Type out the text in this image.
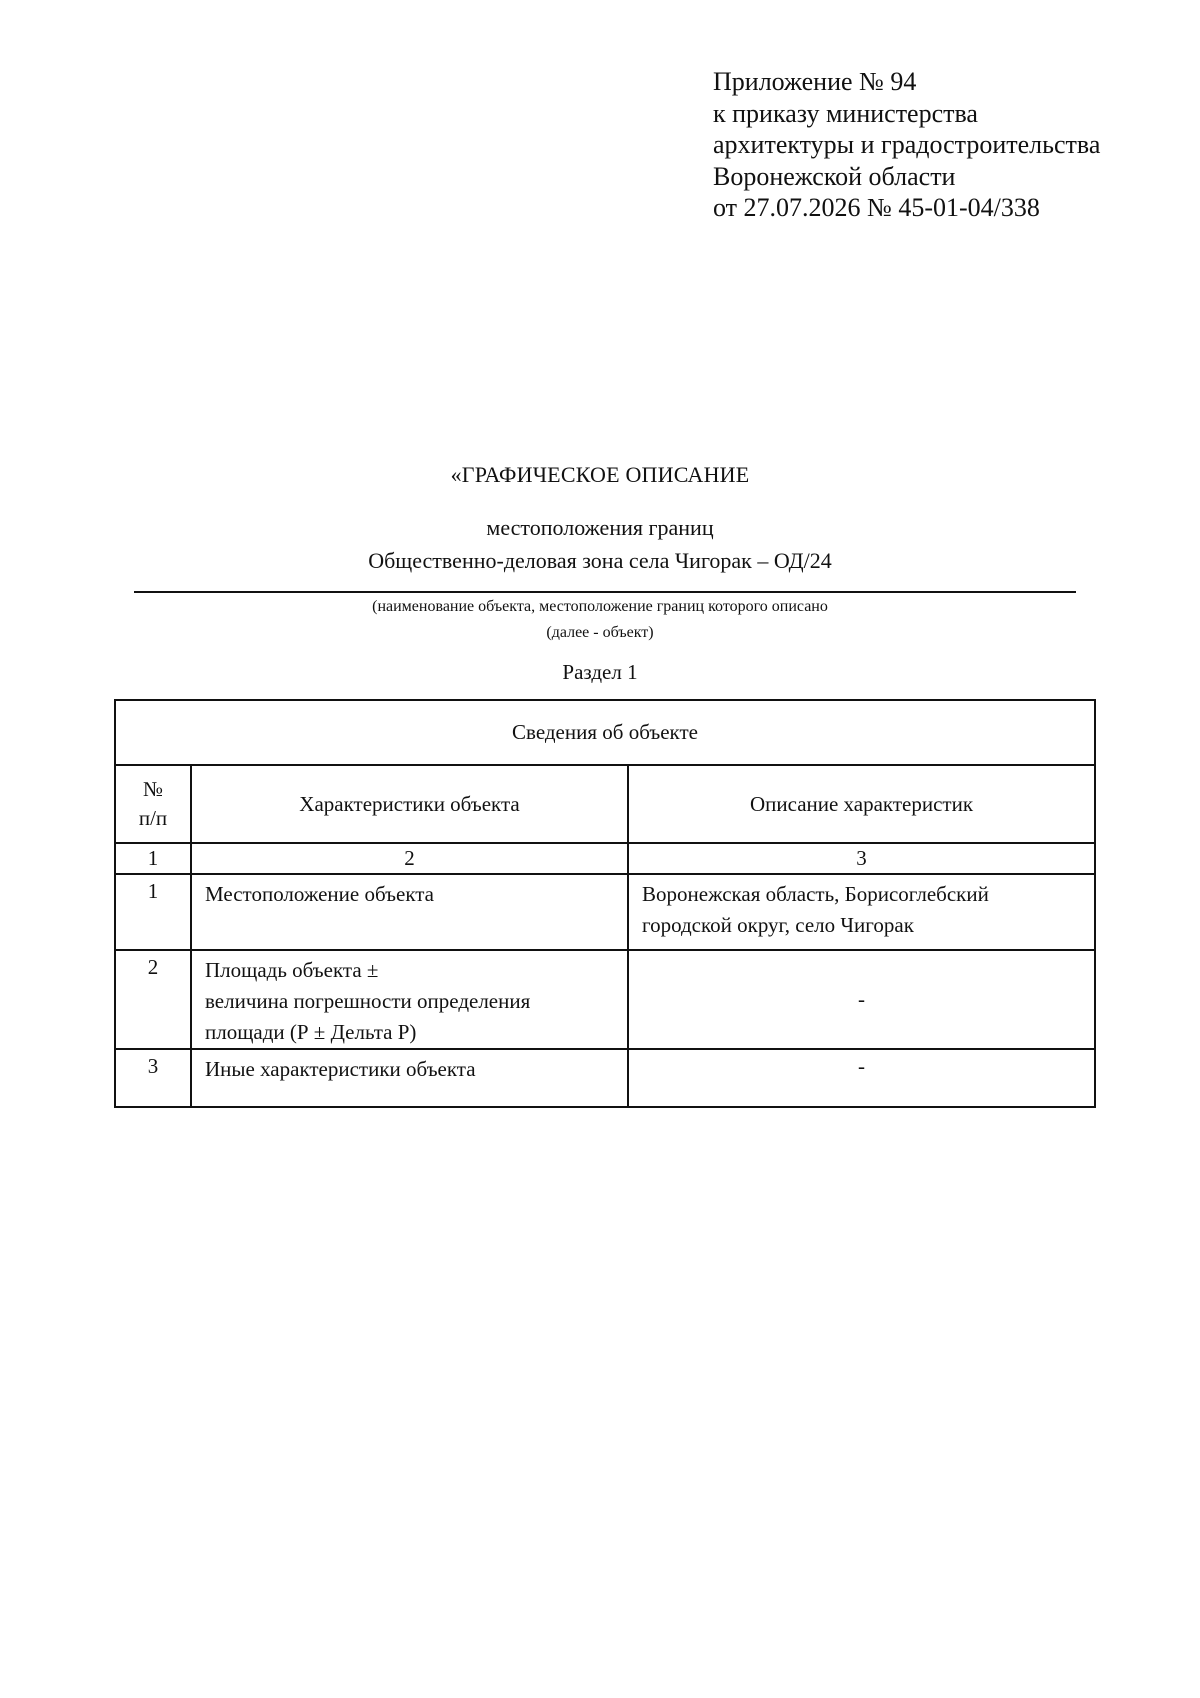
Приложение № 94
к приказу министерства
архитектуры и градостроительства
Воронежской области
от 27.07.2026 № 45-01-04/338
«ГРАФИЧЕСКОЕ ОПИСАНИЕ
местоположения границ
Общественно-деловая зона села Чигорак – ОД/24
(наименование объекта, местоположение границ которого описано
(далее - объект)
Раздел 1
Сведения об объекте		
№
п/п	Характеристики объекта	Описание характеристик
1	2	3
1	Местоположение объекта	Воронежская область, Борисоглебский
городской округ, село Чигорак
2	Площадь объекта ±
величина погрешности определения
площади (Р ± Дельта Р)	-
3	Иные характеристики объекта	-
